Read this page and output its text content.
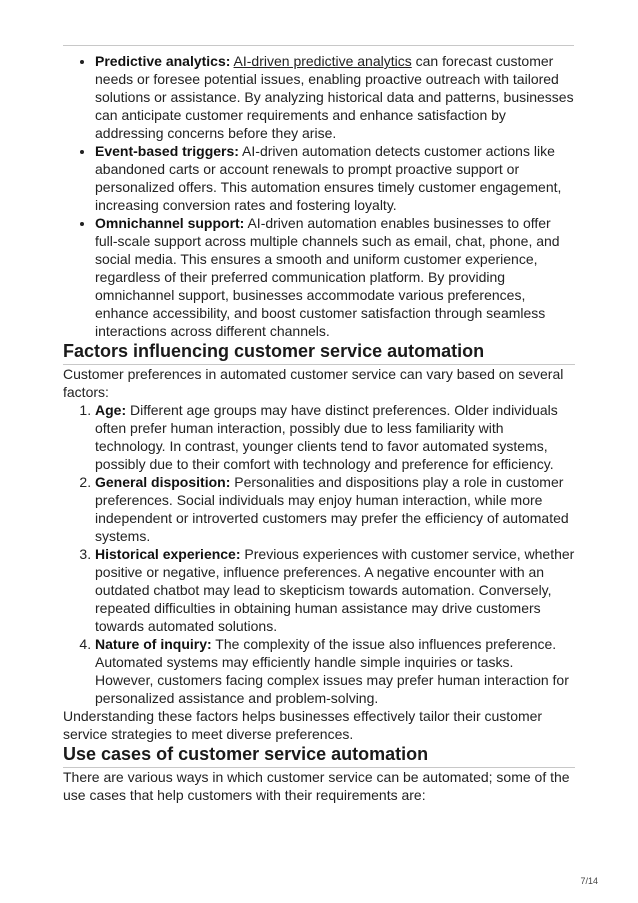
• Predictive analytics: AI-driven predictive analytics can forecast customer needs or foresee potential issues, enabling proactive outreach with tailored solutions or assistance. By analyzing historical data and patterns, businesses can anticipate customer requirements and enhance satisfaction by addressing concerns before they arise.
• Event-based triggers: AI-driven automation detects customer actions like abandoned carts or account renewals to prompt proactive support or personalized offers. This automation ensures timely customer engagement, increasing conversion rates and fostering loyalty.
• Omnichannel support: AI-driven automation enables businesses to offer full-scale support across multiple channels such as email, chat, phone, and social media. This ensures a smooth and uniform customer experience, regardless of their preferred communication platform. By providing omnichannel support, businesses accommodate various preferences, enhance accessibility, and boost customer satisfaction through seamless interactions across different channels.
Factors influencing customer service automation

Customer preferences in automated customer service can vary based on several factors:

1. Age: Different age groups may have distinct preferences. Older individuals often prefer human interaction, possibly due to less familiarity with technology. In contrast, younger clients tend to favor automated systems, possibly due to their comfort with technology and preference for efficiency.
2. General disposition: Personalities and dispositions play a role in customer preferences. Social individuals may enjoy human interaction, while more independent or introverted customers may prefer the efficiency of automated systems.
3. Historical experience: Previous experiences with customer service, whether positive or negative, influence preferences. A negative encounter with an outdated chatbot may lead to skepticism towards automation. Conversely, repeated difficulties in obtaining human assistance may drive customers towards automated solutions.
4. Nature of inquiry: The complexity of the issue also influences preference. Automated systems may efficiently handle simple inquiries or tasks. However, customers facing complex issues may prefer human interaction for personalized assistance and problem-solving.

Understanding these factors helps businesses effectively tailor their customer service strategies to meet diverse preferences.

Use cases of customer service automation

There are various ways in which customer service can be automated; some of the use cases that help customers with their requirements are:

7/14
